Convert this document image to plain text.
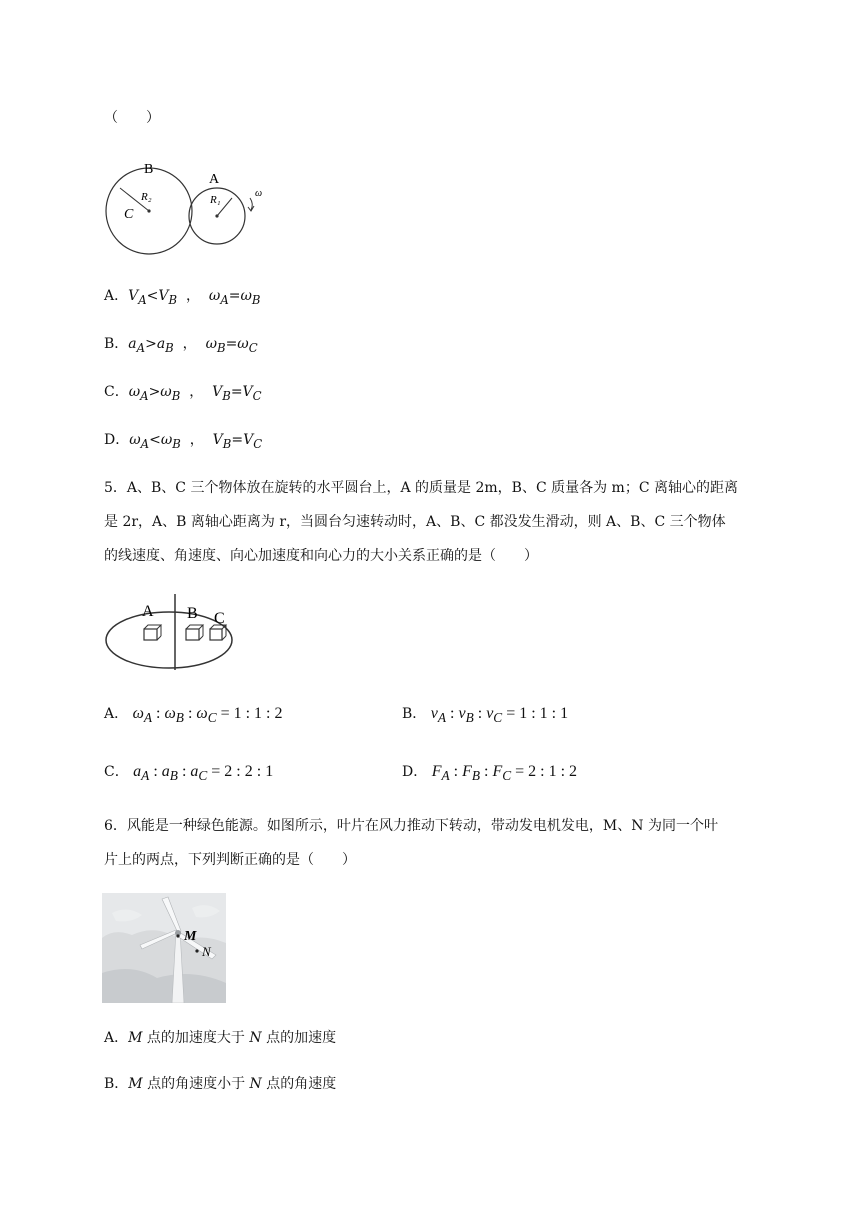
（　　）
B
A
R₂	R₁
C
ω
A．$V_A<V_B$  ，  $\omega_A=\omega_B$
B．$a_A>a_B$  ，  $\omega_B=\omega_C$
C．$\omega_A>\omega_B$  ，  $V_B=V_C$
D．$\omega_A<\omega_B$  ，  $V_B=V_C$
5．A、B、C 三个物体放在旋转的水平圆台上，A 的质量是 2m，B、C 质量各为 m；C 离轴心的距离
是 2r，A、B 离轴心距离为 r，当圆台匀速转动时，A、B、C 都没发生滑动，则 A、B、C 三个物体
的线速度、角速度、向心加速度和向心力的大小关系正确的是（　　）
A B C
A． $\omega_A$ : $\omega_B$ : $\omega_C = 1$ : 1 : 2	B． $v_A$ : $v_B$ : $v_C = 1$ : 1 : 1
C． $a_A$ : $a_B$ : $a_C = 2$ : 2 : 1	D． $F_A$ : $F_B$ : $F_C = 2$ : 1 : 2
6．风能是一种绿色能源。如图所示，叶片在风力推动下转动，带动发电机发电，M、N 为同一个叶
片上的两点，下列判断正确的是（　　）
M
N
A．M 点的加速度大于 N 点的加速度
B．M 点的角速度小于 N 点的角速度
